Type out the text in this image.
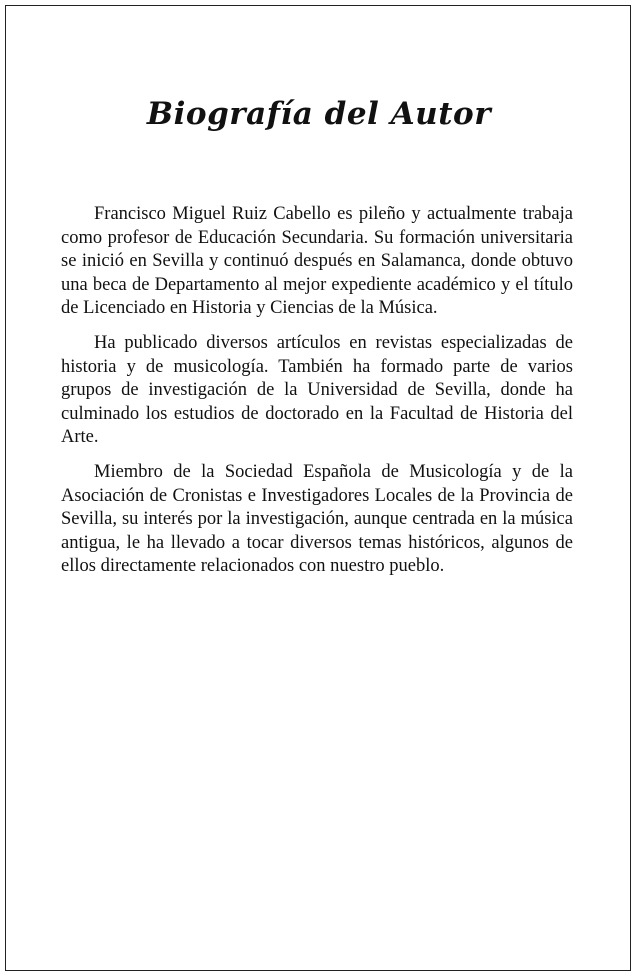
Biografía del Autor

Francisco Miguel Ruiz Cabello es pileño y actualmente trabaja como profesor de Educación Secundaria. Su formación universitaria se inició en Sevilla y continuó después en Salamanca, donde obtuvo una beca de Departamento al mejor expediente académico y el título de Licenciado en Historia y Ciencias de la Música.

Ha publicado diversos artículos en revistas especializadas de historia y de musicología. También ha formado parte de varios grupos de investigación de la Universidad de Sevilla, donde ha culminado los estudios de doctorado en la Facultad de Historia del Arte.

Miembro de la Sociedad Española de Musicología y de la Asociación de Cronistas e Investigadores Locales de la Provincia de Sevilla, su interés por la investigación, aunque centrada en la música antigua, le ha llevado a tocar diversos temas históricos, algunos de ellos directamente relacionados con nuestro pueblo.
